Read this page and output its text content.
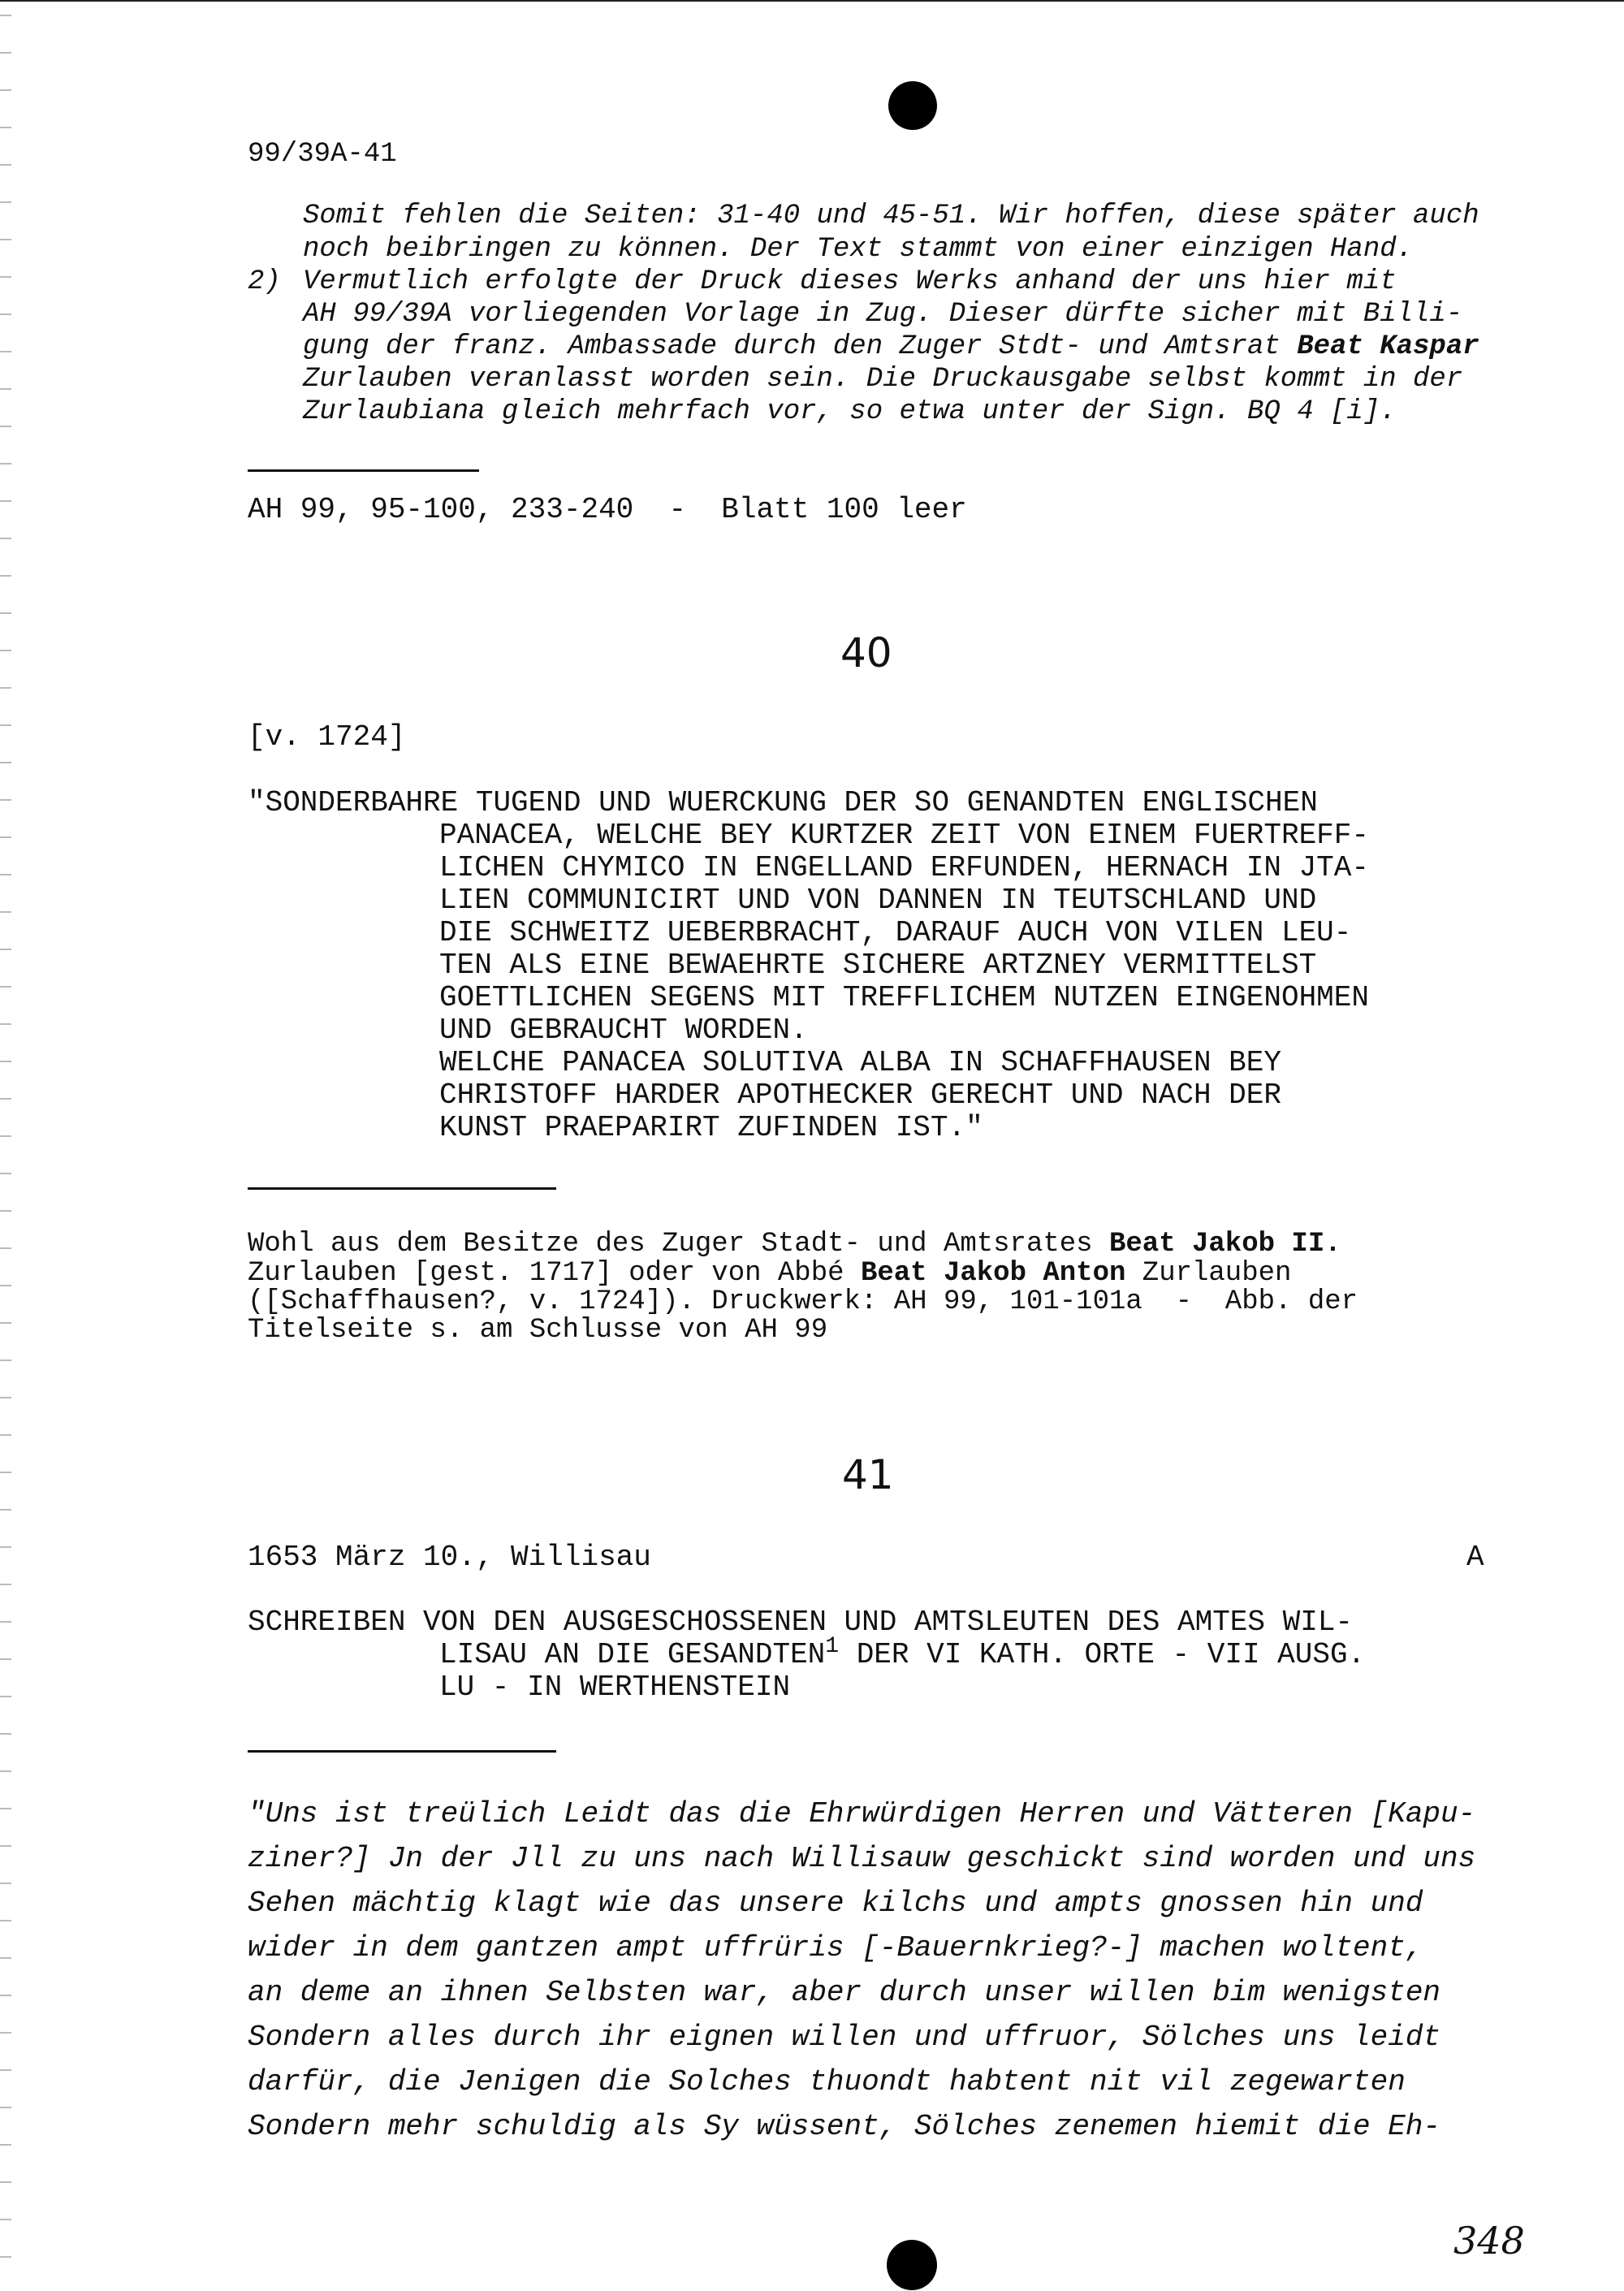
99/39A-41
Somit fehlen die Seiten: 31-40 und 45-51. Wir hoffen, diese später auch
noch beibringen zu können. Der Text stammt von einer einzigen Hand.
2) Vermutlich erfolgte der Druck dieses Werks anhand der uns hier mit
AH 99/39A vorliegenden Vorlage in Zug. Dieser dürfte sicher mit Billi-
gung der franz. Ambassade durch den Zuger Stdt- und Amtsrat Beat Kaspar
Zurlauben veranlasst worden sein. Die Druckausgabe selbst kommt in der
Zurlaubiana gleich mehrfach vor, so etwa unter der Sign. BQ 4 [i].
AH 99, 95-100, 233-240  -  Blatt 100 leer
40
[v. 1724]
"SONDERBAHRE TUGEND UND WUERCKUNG DER SO GENANDTEN ENGLISCHEN
PANACEA, WELCHE BEY KURTZER ZEIT VON EINEM FUERTREFF-
LICHEN CHYMICO IN ENGELLAND ERFUNDEN, HERNACH IN JTA-
LIEN COMMUNICIRT UND VON DANNEN IN TEUTSCHLAND UND
DIE SCHWEITZ UEBERBRACHT, DARAUF AUCH VON VILEN LEU-
TEN ALS EINE BEWAEHRTE SICHERE ARTZNEY VERMITTELST
GOETTLICHEN SEGENS MIT TREFFLICHEM NUTZEN EINGENOHMEN
UND GEBRAUCHT WORDEN.
WELCHE PANACEA SOLUTIVA ALBA IN SCHAFFHAUSEN BEY
CHRISTOFF HARDER APOTHECKER GERECHT UND NACH DER
KUNST PRAEPARIRT ZUFINDEN IST."
Wohl aus dem Besitze des Zuger Stadt- und Amtsrates Beat Jakob II.
Zurlauben [gest. 1717] oder von Abbé Beat Jakob Anton Zurlauben
([Schaffhausen?, v. 1724]). Druckwerk: AH 99, 101-101a  -  Abb. der
Titelseite s. am Schlusse von AH 99
41
1653 März 10., Willisau	A
SCHREIBEN VON DEN AUSGESCHOSSENEN UND AMTSLEUTEN DES AMTES WIL-
LISAU AN DIE GESANDTEN$^1$ DER VI KATH. ORTE - VII AUSG.
LU - IN WERTHENSTEIN
"Uns ist treülich Leidt das die Ehrwürdigen Herren und Vätteren [Kapu-
ziner?] Jn der Jll zu uns nach Willisauw geschickt sind worden und uns
Sehen mächtig klagt wie das unsere kilchs und ampts gnossen hin und
wider in dem gantzen ampt uffrüris [-Bauernkrieg?-] machen woltent,
an deme an ihnen Selbsten war, aber durch unser willen bim wenigsten
Sondern alles durch ihr eignen willen und uffruor, Sölches uns leidt
darfür, die Jenigen die Solches thuondt habtent nit vil zegewarten
Sondern mehr schuldig als Sy wüssent, Sölches zenemen hiemit die Eh-
348
